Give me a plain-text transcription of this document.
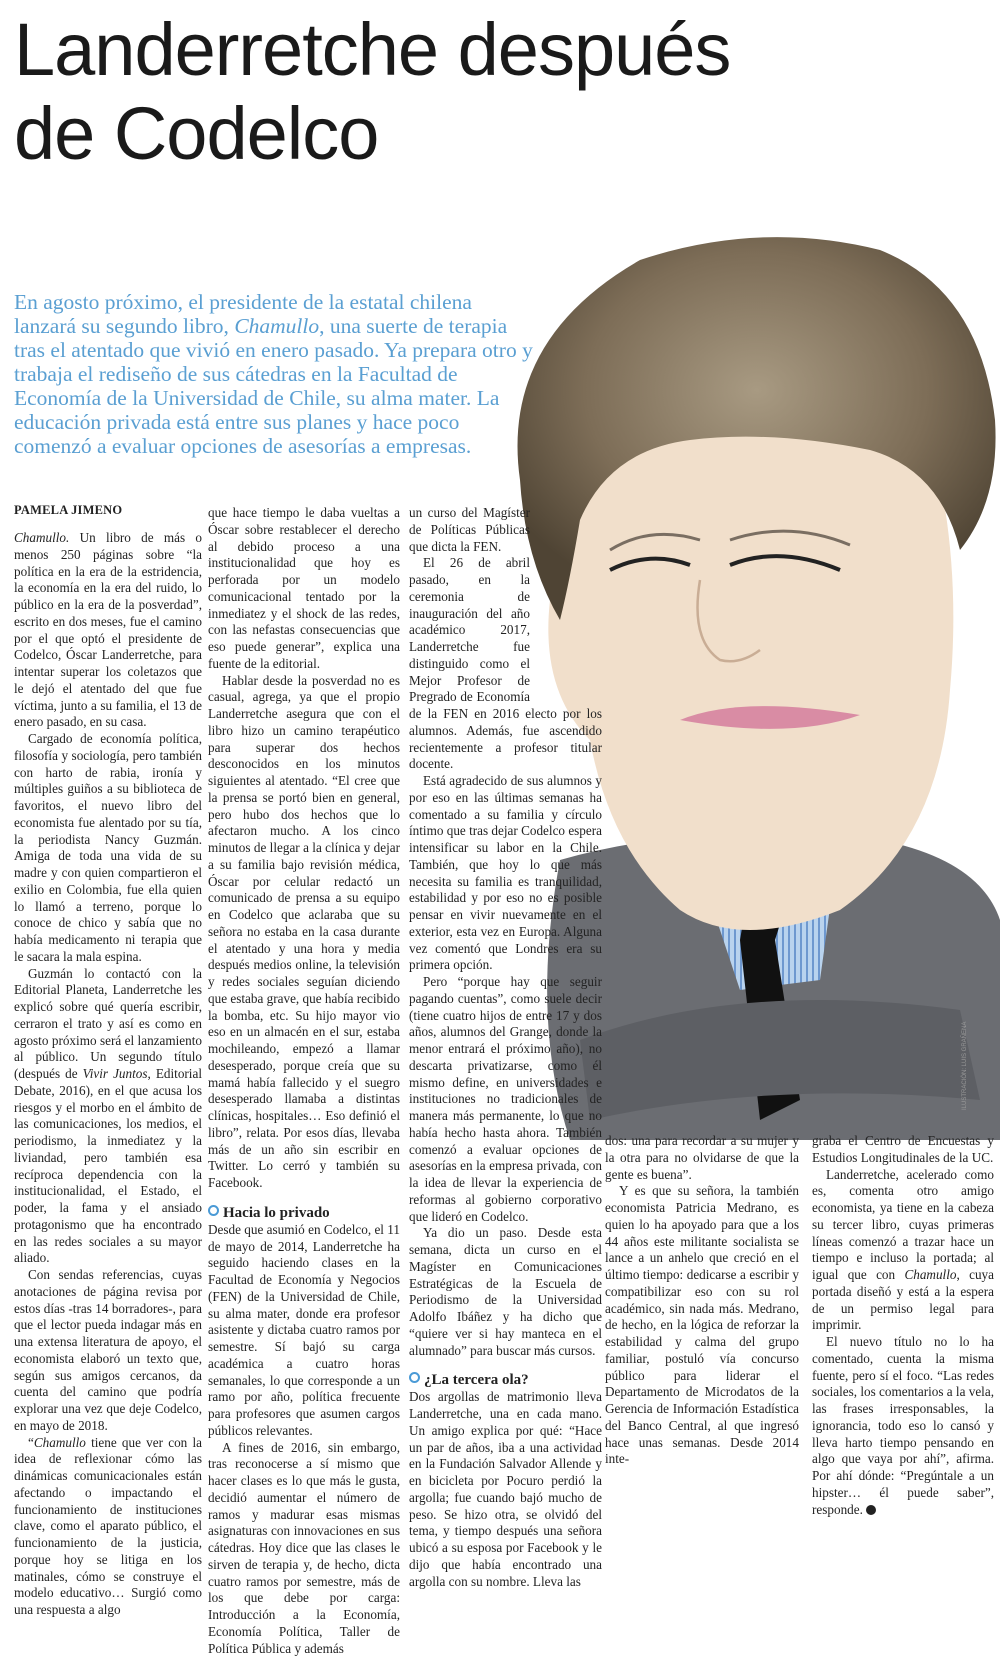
Landerretche después de Codelco

En agosto próximo, el presidente de la estatal chilena lanzará su segundo libro, Chamullo, una suerte de terapia tras el atentado que vivió en enero pasado. Ya prepara otro y trabaja el rediseño de sus cátedras en la Facultad de Economía de la Universidad de Chile, su alma mater. La educación privada está entre sus planes y hace poco comenzó a evaluar opciones de asesorías a empresas.

ILUSTRACIÓN: LUIS GRAÑENA
PAMELA JIMENO

Chamullo. Un libro de más o menos 250 páginas sobre “la política en la era de la estridencia, la economía en la era del ruido, lo público en la era de la posverdad”, escrito en dos meses, fue el camino por el que optó el presidente de Codelco, Óscar Landerretche, para intentar superar los coletazos que le dejó el atentado del que fue víctima, junto a su familia, el 13 de enero pasado, en su casa.

Cargado de economía política, filosofía y sociología, pero también con harto de rabia, ironía y múltiples guiños a su biblioteca de favoritos, el nuevo libro del economista fue alentado por su tía, la periodista Nancy Guzmán. Amiga de toda una vida de su madre y con quien compartieron el exilio en Colombia, fue ella quien lo llamó a terreno, porque lo conoce de chico y sabía que no había medicamento ni terapia que le sacara la mala espina.

Guzmán lo contactó con la Editorial Planeta, Landerretche les explicó sobre qué quería escribir, cerraron el trato y así es como en agosto próximo será el lanzamiento al público. Un segundo título (después de Vivir Juntos, Editorial Debate, 2016), en el que acusa los riesgos y el morbo en el ámbito de las comunicaciones, los medios, el periodismo, la inmediatez y la liviandad, pero también esa recíproca dependencia con la institucionalidad, el Estado, el poder, la fama y el ansiado protagonismo que ha encontrado en las redes sociales a su mayor aliado.

Con sendas referencias, cuyas anotaciones de página revisa por estos días -tras 14 borradores-, para que el lector pueda indagar más en una extensa literatura de apoyo, el economista elaboró un texto que, según sus amigos cercanos, da cuenta del camino que podría explorar una vez que deje Codelco, en mayo de 2018.

“Chamullo tiene que ver con la idea de reflexionar cómo las dinámicas comunicacionales están afectando o impactando el funcionamiento de instituciones clave, como el aparato público, el funcionamiento de la justicia, porque hoy se litiga en los matinales, cómo se construye el modelo educativo… Surgió como una respuesta a algo

que hace tiempo le daba vueltas a Óscar sobre restablecer el derecho al debido proceso a una institucionalidad que hoy es perforada por un modelo comunicacional tentado por la inmediatez y el shock de las redes, con las nefastas consecuencias que eso puede generar”, explica una fuente de la editorial.

Hablar desde la posverdad no es casual, agrega, ya que el propio Landerretche asegura que con el libro hizo un camino terapéutico para superar dos hechos desconocidos en los minutos siguientes al atentado. “El cree que la prensa se portó bien en general, pero hubo dos hechos que lo afectaron mucho. A los cinco minutos de llegar a la clínica y dejar a su familia bajo revisión médica, Óscar por celular redactó un comunicado de prensa a su equipo en Codelco que aclaraba que su señora no estaba en la casa durante el atentado y una hora y media después medios online, la televisión y redes sociales seguían diciendo que estaba grave, que había recibido la bomba, etc. Su hijo mayor vio eso en un almacén en el sur, estaba mochileando, empezó a llamar desesperado, porque creía que su mamá había fallecido y el suegro desesperado llamaba a distintas clínicas, hospitales… Eso definió el libro”, relata. Por esos días, llevaba más de un año sin escribir en Twitter. Lo cerró y también su Facebook.

Hacia lo privado

Desde que asumió en Codelco, el 11 de mayo de 2014, Landerretche ha seguido haciendo clases en la Facultad de Economía y Negocios (FEN) de la Universidad de Chile, su alma mater, donde era profesor asistente y dictaba cuatro ramos por semestre. Sí bajó su carga académica a cuatro horas semanales, lo que corresponde a un ramo por año, política frecuente para profesores que asumen cargos públicos relevantes.

A fines de 2016, sin embargo, tras reconocerse a sí mismo que hacer clases es lo que más le gusta, decidió aumentar el número de ramos y madurar esas mismas asignaturas con innovaciones en sus cátedras. Hoy dice que las clases le sirven de terapia y, de hecho, dicta cuatro ramos por semestre, más de los que debe por carga: Introducción a la Economía, Economía Política, Taller de Política Pública y además

un curso del Magíster de Políticas Públicas que dicta la FEN.

El 26 de abril pasado, en la ceremonia de inauguración del año académico 2017, Landerretche fue distinguido como el Mejor Profesor de Pregrado de Economía de la FEN en 2016 electo por los alumnos. Además, fue ascendido recientemente a profesor titular docente.

Está agradecido de sus alumnos y por eso en las últimas semanas ha comentado a su familia y círculo íntimo que tras dejar Codelco espera intensificar su labor en la Chile. También, que hoy lo que más necesita su familia es tranquilidad, estabilidad y por eso no es posible pensar en vivir nuevamente en el exterior, esta vez en Europa. Alguna vez comentó que Londres era su primera opción.

Pero “porque hay que seguir pagando cuentas”, como suele decir (tiene cuatro hijos de entre 17 y dos años, alumnos del Grange, donde la menor entrará el próximo año), no descarta privatizarse, como él mismo define, en universidades e instituciones no tradicionales de manera más permanente, lo que no había hecho hasta ahora. También comenzó a evaluar opciones de asesorías en la empresa privada, con la idea de llevar la experiencia de reformas al gobierno corporativo que lideró en Codelco.

Ya dio un paso. Desde esta semana, dicta un curso en el Magíster en Comunicaciones Estratégicas de la Escuela de Periodismo de la Universidad Adolfo Ibáñez y ha dicho que “quiere ver si hay manteca en el alumnado” para buscar más cursos.

¿La tercera ola?

Dos argollas de matrimonio lleva Landerretche, una en cada mano. Un amigo explica por qué: “Hace un par de años, iba a una actividad en la Fundación Salvador Allende y en bicicleta por Pocuro perdió la argolla; fue cuando bajó mucho de peso. Se hizo otra, se olvidó del tema, y tiempo después una señora ubicó a su esposa por Facebook y le dijo que había encontrado una argolla con su nombre. Lleva las

dos: una para recordar a su mujer y la otra para no olvidarse de que la gente es buena”.

Y es que su señora, la también economista Patricia Medrano, es quien lo ha apoyado para que a los 44 años este militante socialista se lance a un anhelo que creció en el último tiempo: dedicarse a escribir y compatibilizar eso con su rol académico, sin nada más. Medrano, de hecho, en la lógica de reforzar la estabilidad y calma del grupo familiar, postuló vía concurso público para liderar el Departamento de Microdatos de la Gerencia de Información Estadística del Banco Central, al que ingresó hace unas semanas. Desde 2014 inte-

graba el Centro de Encuestas y Estudios Longitudinales de la UC.

Landerretche, acelerado como es, comenta otro amigo economista, ya tiene en la cabeza su tercer libro, cuyas primeras líneas comenzó a trazar hace un tiempo e incluso la portada; al igual que con Chamullo, cuya portada diseñó y está a la espera de un permiso legal para imprimir.

El nuevo título no lo ha comentado, cuenta la misma fuente, pero sí el foco. “Las redes sociales, los comentarios a la vela, las frases irresponsables, la ignorancia, todo eso lo cansó y lleva harto tiempo pensando en algo que vaya por ahí”, afirma. Por ahí dónde: “Pregúntale a un hipster… él puede saber”, responde.
